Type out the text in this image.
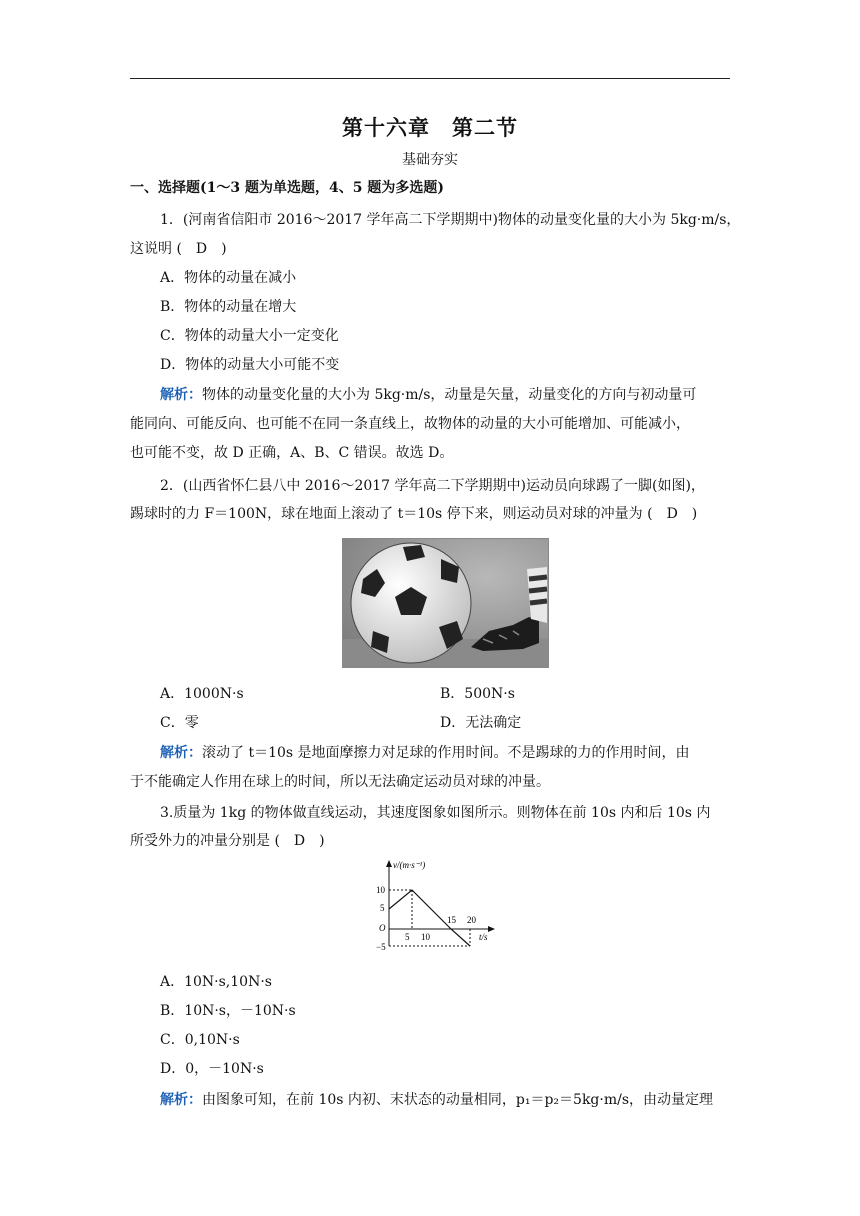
第十六章　第二节
基础夯实
一、选择题(1～3 题为单选题，4、5 题为多选题)
1．(河南省信阳市 2016～2017 学年高二下学期期中)物体的动量变化量的大小为 5kg·m/s，
这说明 (　D　)
A．物体的动量在减小
B．物体的动量在增大
C．物体的动量大小一定变化
D．物体的动量大小可能不变
解析：物体的动量变化量的大小为 5kg·m/s，动量是矢量，动量变化的方向与初动量可
能同向、可能反向、也可能不在同一条直线上，故物体的动量的大小可能增加、可能减小，
也可能不变，故 D 正确，A、B、C 错误。故选 D。
2．(山西省怀仁县八中 2016～2017 学年高二下学期期中)运动员向球踢了一脚(如图)，
踢球时的力 F＝100N，球在地面上滚动了 t＝10s 停下来，则运动员对球的冲量为 (　D　)
A．1000N·s	B．500N·s
C．零	D．无法确定
解析：滚动了 t＝10s 是地面摩擦力对足球的作用时间。不是踢球的力的作用时间，由
于不能确定人作用在球上的时间，所以无法确定运动员对球的冲量。
3.质量为 1kg 的物体做直线运动，其速度图象如图所示。则物体在前 10s 内和后 10s 内
所受外力的冲量分别是 (　D　)
v/(m·s⁻¹)
t/s
10
5
O
−5
5 10
15 20
A．10N·s,10N·s
B．10N·s，－10N·s
C．0,10N·s
D．0，－10N·s
解析：由图象可知，在前 10s 内初、末状态的动量相同，p₁＝p₂＝5kg·m/s，由动量定理
